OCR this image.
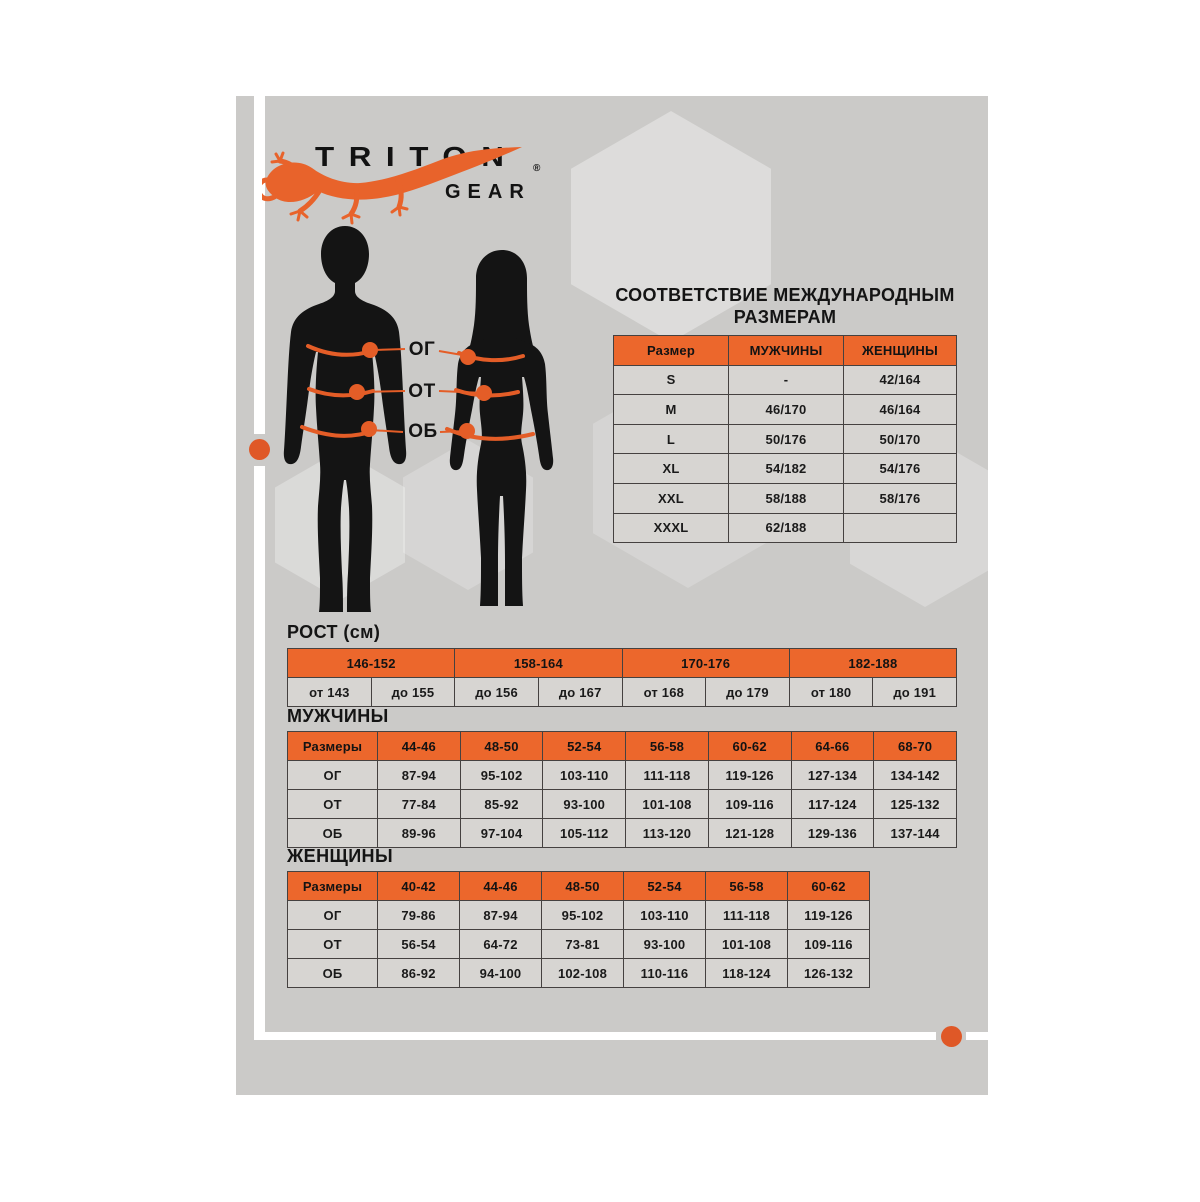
TRITON
GEAR
®
ОГ
ОТ
ОБ
СООТВЕТСТВИЕ МЕЖДУНАРОДНЫМ
РАЗМЕРАМ
Размер	МУЖЧИНЫ	ЖЕНЩИНЫ
S	-	42/164
M	46/170	46/164
L	50/176	50/170
XL	54/182	54/176
XXL	58/188	58/176
XXXL	62/188	
РОСТ (см)
146-152		158-164		170-176		182-188	
от 143	до 155	до 156	до 167	от 168	до 179	от 180	до 191
МУЖЧИНЫ
Размеры	44-46	48-50	52-54	56-58	60-62	64-66	68-70
ОГ	87-94	95-102	103-110	111-118	119-126	127-134	134-142
ОТ	77-84	85-92	93-100	101-108	109-116	117-124	125-132
ОБ	89-96	97-104	105-112	113-120	121-128	129-136	137-144
ЖЕНЩИНЫ
Размеры	40-42	44-46	48-50	52-54	56-58	60-62
ОГ	79-86	87-94	95-102	103-110	111-118	119-126
ОТ	56-54	64-72	73-81	93-100	101-108	109-116
ОБ	86-92	94-100	102-108	110-116	118-124	126-132
